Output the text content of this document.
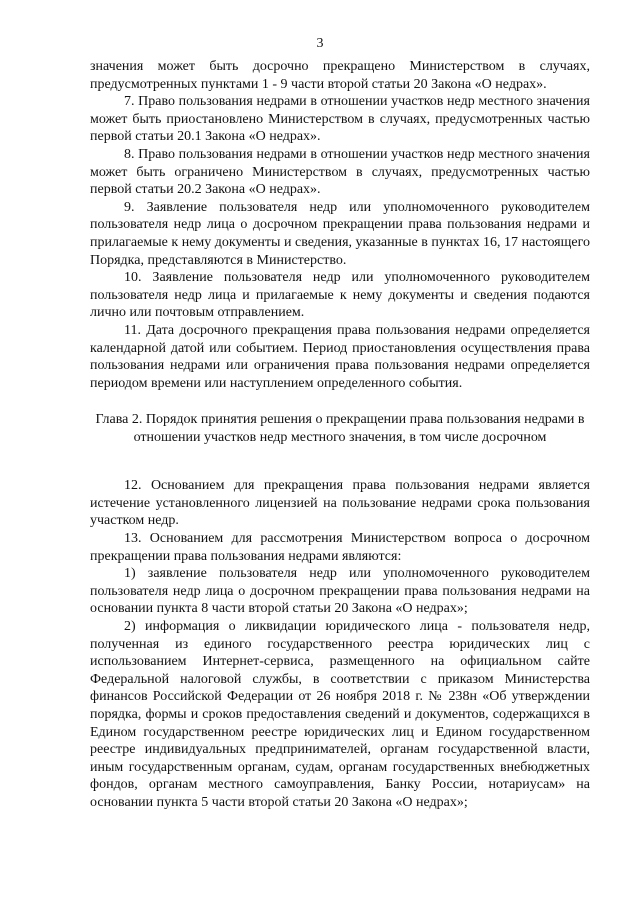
3

значения может быть досрочно прекращено Министерством в случаях, предусмотренных пунктами 1 - 9 части второй статьи 20 Закона «О недрах».

7. Право пользования недрами в отношении участков недр местного значения может быть приостановлено Министерством в случаях, предусмотренных частью первой статьи 20.1 Закона «О недрах».

8. Право пользования недрами в отношении участков недр местного значения может быть ограничено Министерством в случаях, предусмотренных частью первой статьи 20.2 Закона «О недрах».

9. Заявление пользователя недр или уполномоченного руководителем пользователя недр лица о досрочном прекращении права пользования недрами и прилагаемые к нему документы и сведения, указанные в пунктах 16, 17 настоящего Порядка, представляются в Министерство.

10. Заявление пользователя недр или уполномоченного руководителем пользователя недр лица и прилагаемые к нему документы и сведения подаются лично или почтовым отправлением.

11. Дата досрочного прекращения права пользования недрами определяется календарной датой или событием. Период приостановления осуществления права пользования недрами или ограничения права пользования недрами определяется периодом времени или наступлением определенного события.

Глава 2. Порядок принятия решения о прекращении права пользования недрами в отношении участков недр местного значения, в том числе досрочном

12. Основанием для прекращения права пользования недрами является истечение установленного лицензией на пользование недрами срока пользования участком недр.

13. Основанием для рассмотрения Министерством вопроса о досрочном прекращении права пользования недрами являются:

1) заявление пользователя недр или уполномоченного руководителем пользователя недр лица о досрочном прекращении права пользования недрами на основании пункта 8 части второй статьи 20 Закона «О недрах»;

2) информация о ликвидации юридического лица - пользователя недр, полученная из единого государственного реестра юридических лиц с использованием Интернет-сервиса, размещенного на официальном сайте Федеральной налоговой службы, в соответствии с приказом Министерства финансов Российской Федерации от 26 ноября 2018 г. № 238н «Об утверждении порядка, формы и сроков предоставления сведений и документов, содержащихся в Едином государственном реестре юридических лиц и Едином государственном реестре индивидуальных предпринимателей, органам государственной власти, иным государственным органам, судам, органам государственных внебюджетных фондов, органам местного самоуправления, Банку России, нотариусам» на основании пункта 5 части второй статьи 20 Закона «О недрах»;
